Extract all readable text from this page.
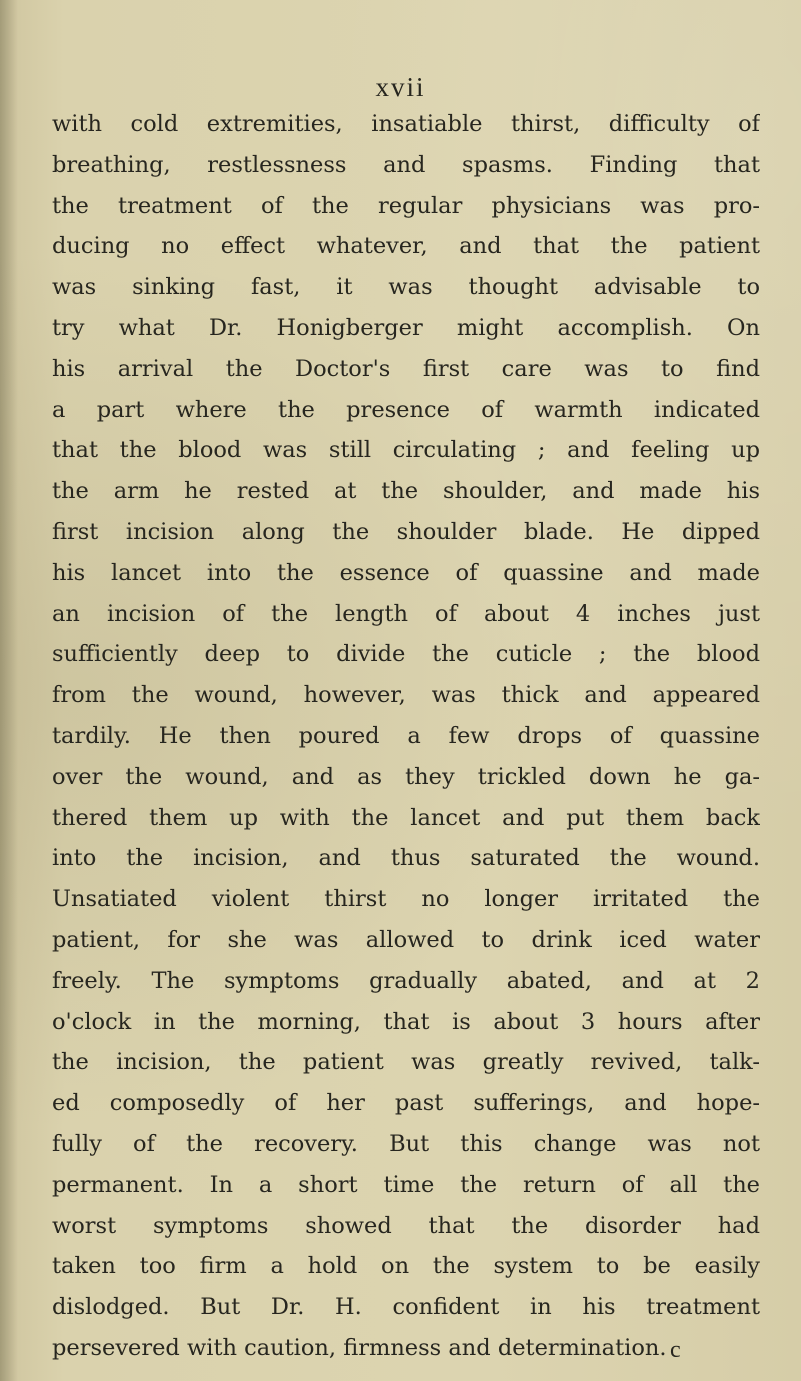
xvii
with cold extremities, insatiable thirst, difficulty of
breathing, restlessness and spasms. Finding that
the treatment of the regular physicians was pro-
ducing no effect whatever, and that the patient
was sinking fast, it was thought advisable to
try what Dr. Honigberger might accomplish. On
his arrival the Doctor's first care was to find
a part where the presence of warmth indicated
that the blood was still circulating ; and feeling up
the arm he rested at the shoulder, and made his
first incision along the shoulder blade. He dipped
his lancet into the essence of quassine and made
an incision of the length of about 4 inches just
sufficiently deep to divide the cuticle ; the blood
from the wound, however, was thick and appeared
tardily. He then poured a few drops of quassine
over the wound, and as they trickled down he ga-
thered them up with the lancet and put them back
into the incision, and thus saturated the wound.
Unsatiated violent thirst no longer irritated the
patient, for she was allowed to drink iced water
freely. The symptoms gradually abated, and at 2
o'clock in the morning, that is about 3 hours after
the incision, the patient was greatly revived, talk-
ed composedly of her past sufferings, and hope-
fully of the recovery. But this change was not
permanent. In a short time the return of all the
worst symptoms showed that the disorder had
taken too firm a hold on the system to be easily
dislodged. But Dr. H. confident in his treatment
persevered with caution, firmness and determination. c
